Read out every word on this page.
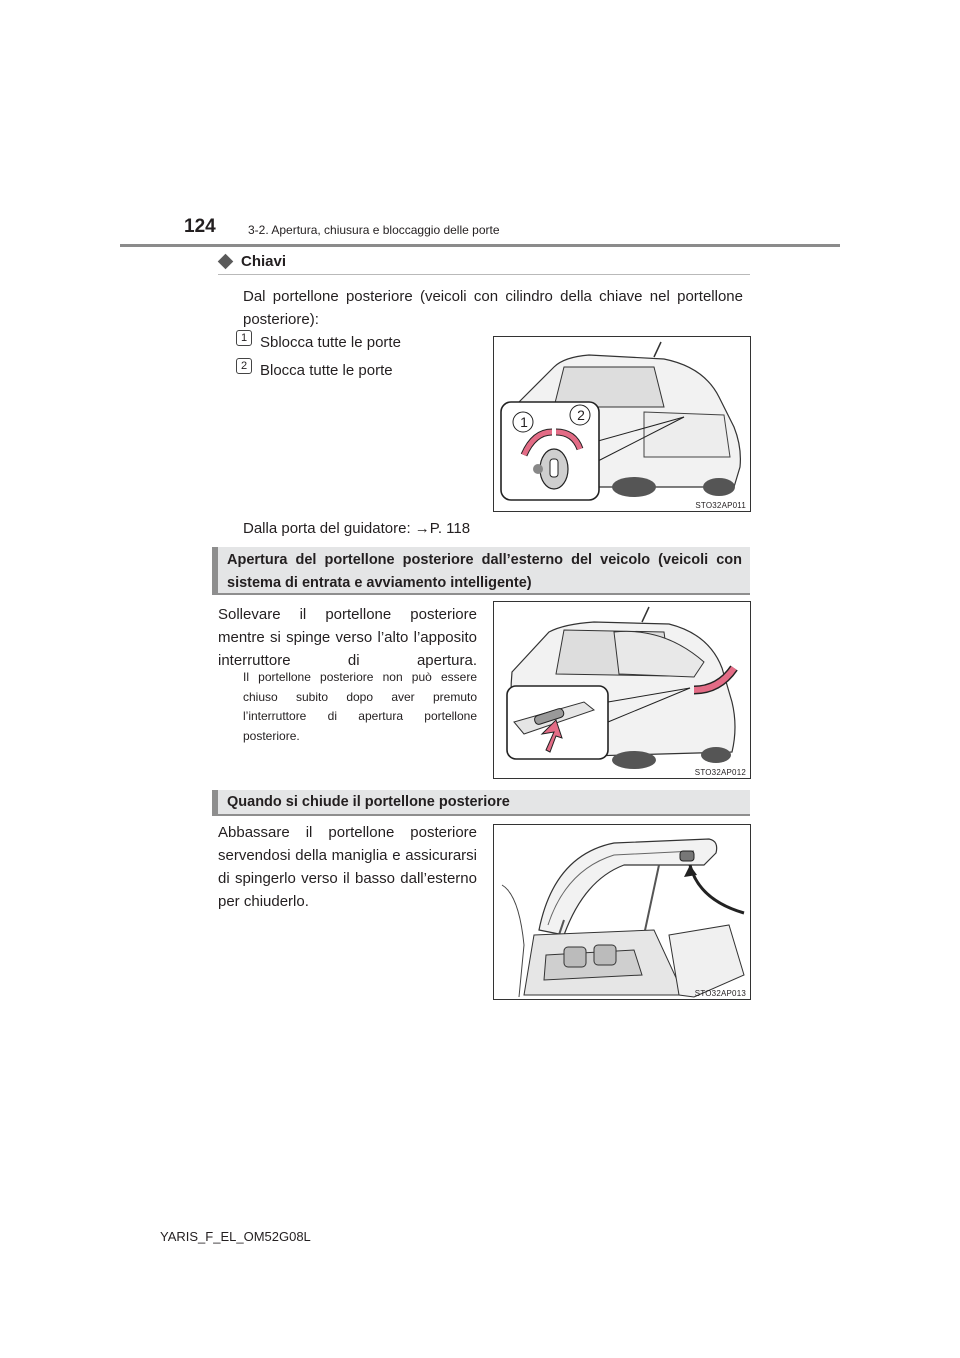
124	3-2. Apertura, chiusura e bloccaggio delle porte
Chiavi
Dal portellone posteriore (veicoli con cilindro della chiave nel portellone posteriore):
1 Sblocca tutte le porte
2 Blocca tutte le porte
Dalla porta del guidatore: →P. 118
1	2
STO32AP011
Apertura del portellone posteriore dall’esterno del veicolo (veicoli con sistema di entrata e avviamento intelligente)
Sollevare il portellone posteriore mentre si spinge verso l’alto l’apposito interruttore di apertura.
Il portellone posteriore non può essere chiuso subito dopo aver premuto l’interruttore di apertura portellone posteriore.
STO32AP012
Quando si chiude il portellone posteriore
Abbassare il portellone posteriore servendosi della maniglia e assicurarsi di spingerlo verso il basso dall’esterno per chiuderlo.
STO32AP013
YARIS_F_EL_OM52G08L
